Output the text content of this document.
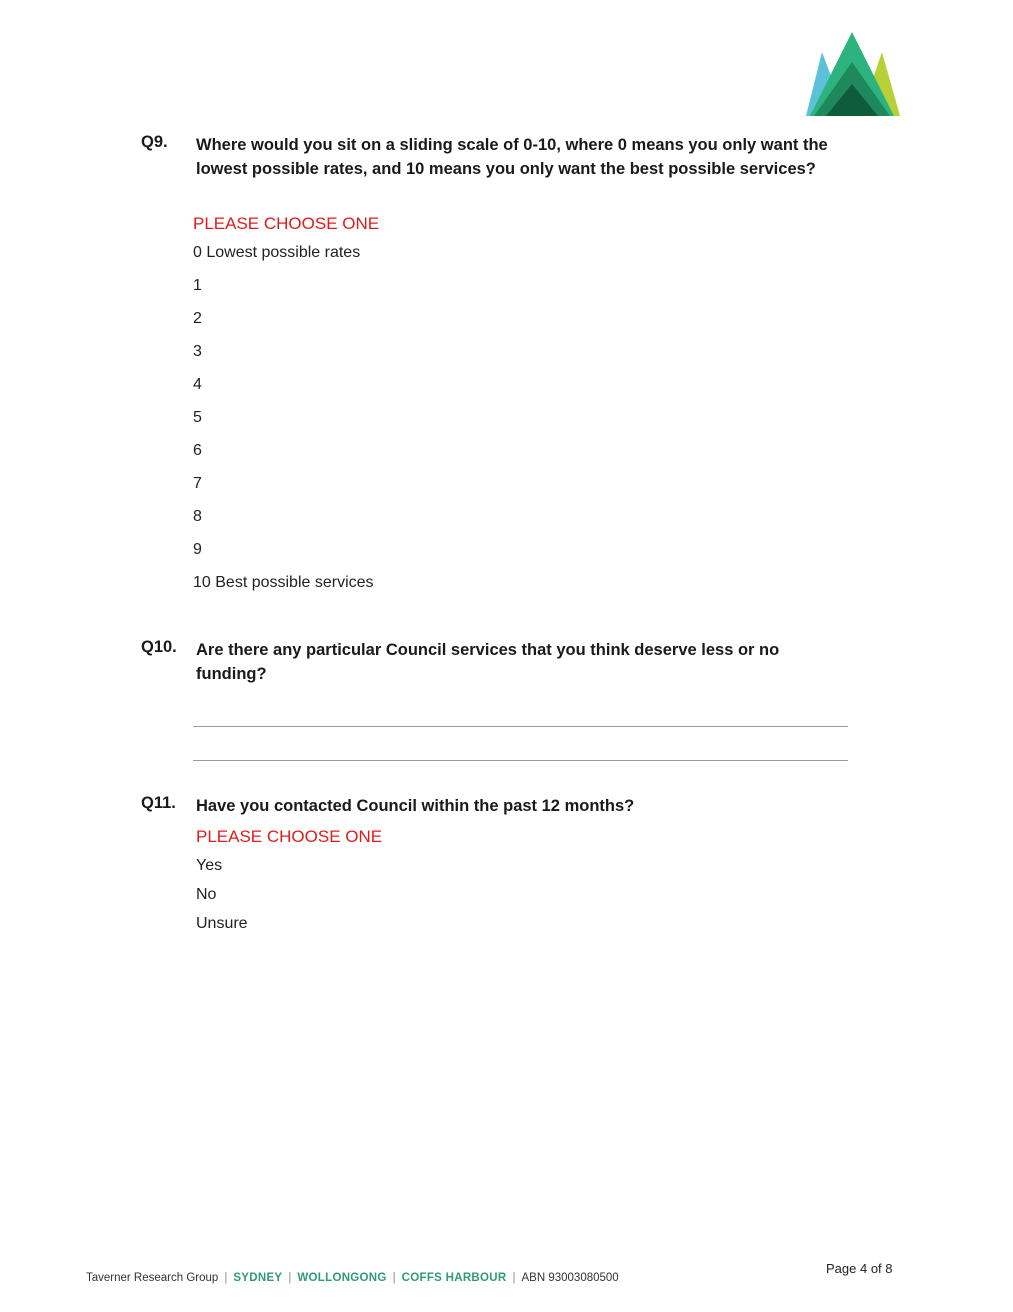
Q9. Where would you sit on a sliding scale of 0-10, where 0 means you only want the lowest possible rates, and 10 means you only want the best possible services?
PLEASE CHOOSE ONE
0 Lowest possible rates
1
2
3
4
5
6
7
8
9
10 Best possible services
Q10. Are there any particular Council services that you think deserve less or no funding?
Q11. Have you contacted Council within the past 12 months?
PLEASE CHOOSE ONE
Yes
No
Unsure
Taverner Research Group | SYDNEY | WOLLONGONG | COFFS HARBOUR | ABN 93003080500
Page 4 of 8
